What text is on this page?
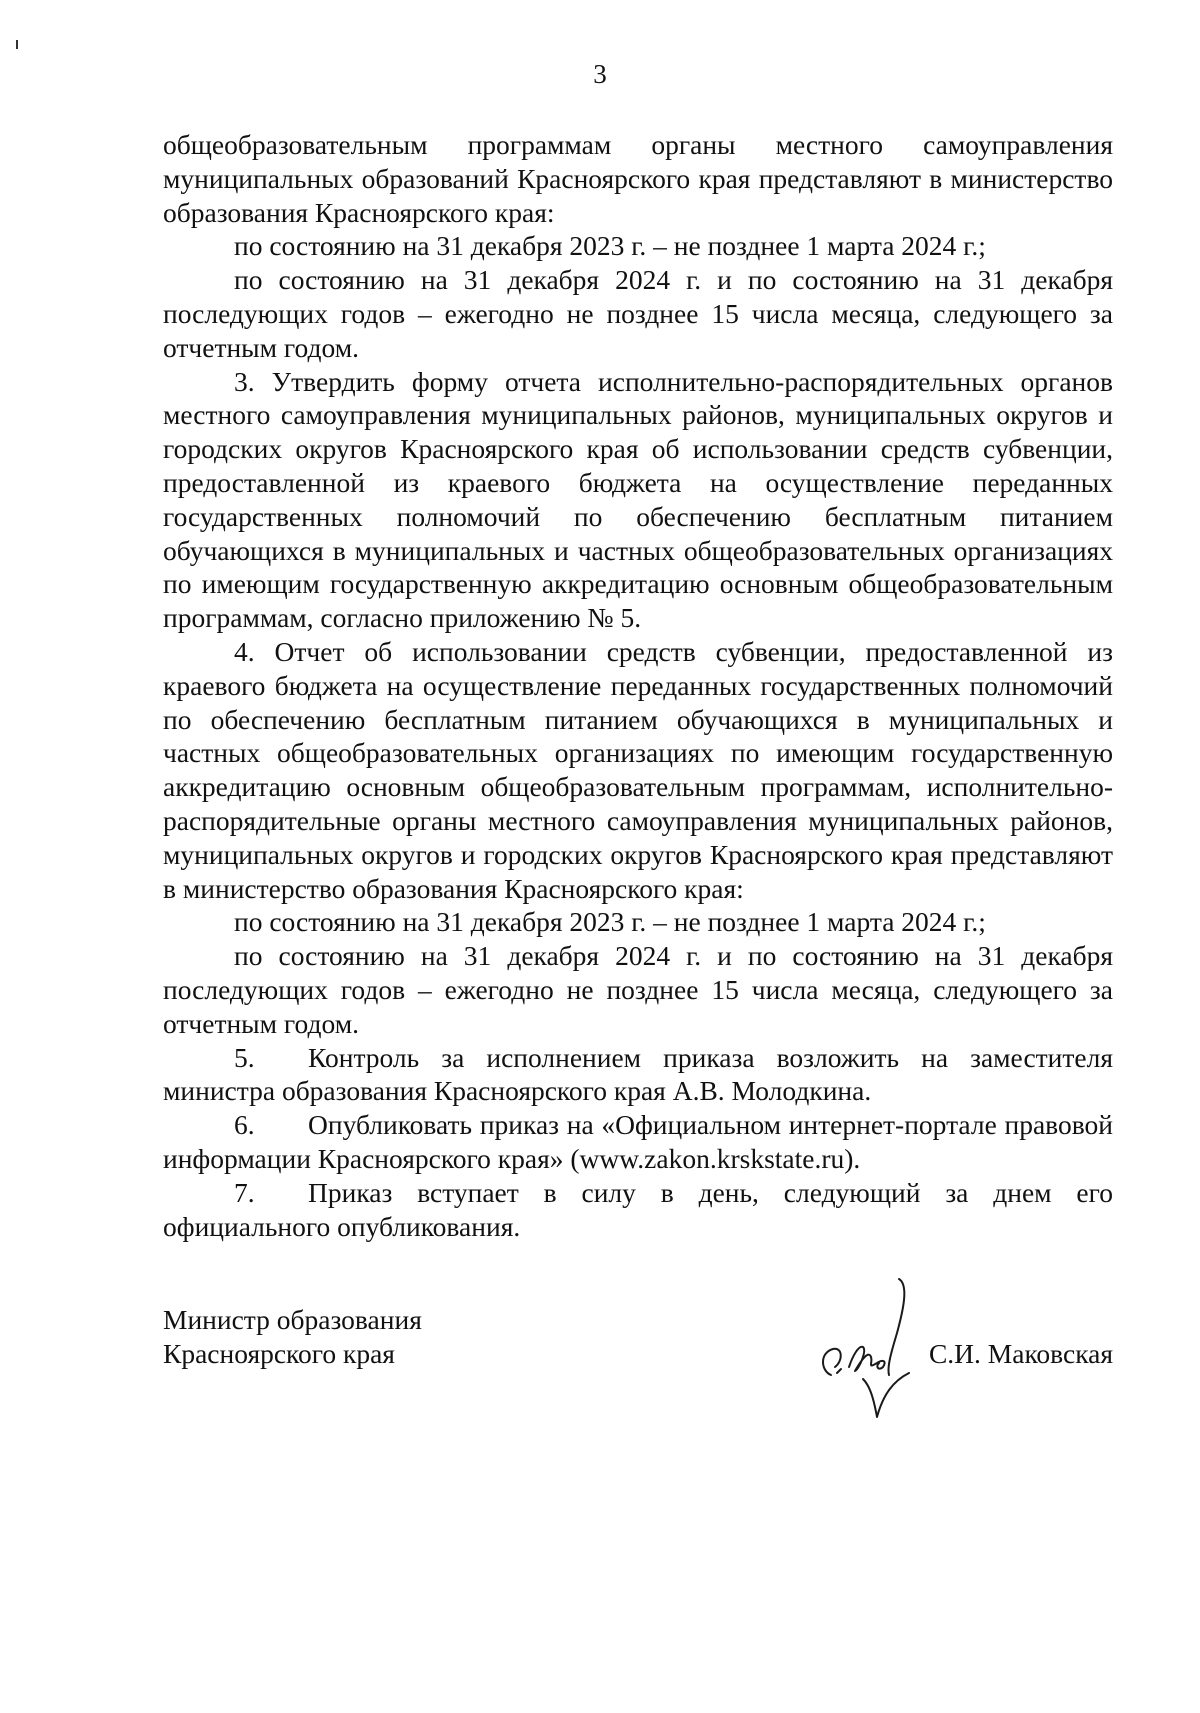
3

общеобразовательным программам органы местного самоуправления муниципальных образований Красноярского края представляют в министерство образования Красноярского края:

по состоянию на 31 декабря 2023 г. – не позднее 1 марта 2024 г.;

по состоянию на 31 декабря 2024 г. и по состоянию на 31 декабря последующих годов – ежегодно не позднее 15 числа месяца, следующего за отчетным годом.

3. Утвердить форму отчета исполнительно-распорядительных органов местного самоуправления муниципальных районов, муниципальных округов и городских округов Красноярского края об использовании средств субвенции, предоставленной из краевого бюджета на осуществление переданных государственных полномочий по обеспечению бесплатным питанием обучающихся в муниципальных и частных общеобразовательных организациях по имеющим государственную аккредитацию основным общеобразовательным программам, согласно приложению № 5.

4. Отчет об использовании средств субвенции, предоставленной из краевого бюджета на осуществление переданных государственных полномочий по обеспечению бесплатным питанием обучающихся в муниципальных и частных общеобразовательных организациях по имеющим государственную аккредитацию основным общеобразовательным программам, исполнительно-распорядительные органы местного самоуправления муниципальных районов, муниципальных округов и городских округов Красноярского края представляют в министерство образования Красноярского края:

по состоянию на 31 декабря 2023 г. – не позднее 1 марта 2024 г.;

по состоянию на 31 декабря 2024 г. и по состоянию на 31 декабря последующих годов – ежегодно не позднее 15 числа месяца, следующего за отчетным годом.

5. Контроль за исполнением приказа возложить на заместителя министра образования Красноярского края А.В. Молодкина.

6. Опубликовать приказ на «Официальном интернет-портале правовой информации Красноярского края» (www.zakon.krskstate.ru).

7. Приказ вступает в силу в день, следующий за днем его официального опубликования.

Министр образования
Красноярского края	С.И. Маковская
